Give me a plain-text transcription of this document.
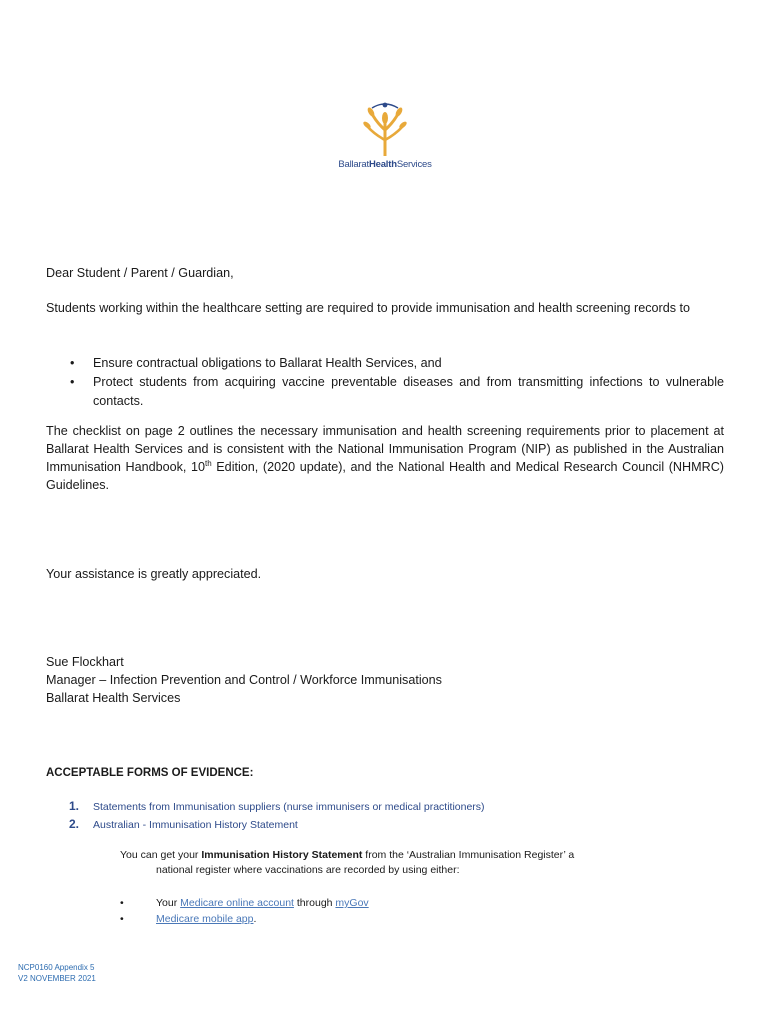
BallaratHealthServices
Dear Student / Parent / Guardian,
Students working within the healthcare setting are required to provide immunisation and health screening records to
• Ensure contractual obligations to Ballarat Health Services, and
• Protect students from acquiring vaccine preventable diseases and from transmitting infections to vulnerable contacts.
The checklist on page 2 outlines the necessary immunisation and health screening requirements prior to placement at Ballarat Health Services and is consistent with the National Immunisation Program (NIP) as published in the Australian Immunisation Handbook, 10th Edition, (2020 update), and the National Health and Medical Research Council (NHMRC) Guidelines.
Your assistance is greatly appreciated.
Sue Flockhart
Manager – Infection Prevention and Control / Workforce Immunisations
Ballarat Health Services
ACCEPTABLE FORMS OF EVIDENCE:
1. Statements from Immunisation suppliers (nurse immunisers or medical practitioners)
2. Australian - Immunisation History Statement
You can get your Immunisation History Statement from the ‘Australian Immunisation Register’ a
national register where vaccinations are recorded by using either:
• Your Medicare online account through myGov
• Medicare mobile app.
NCP0160 Appendix 5
V2 NOVEMBER 2021
